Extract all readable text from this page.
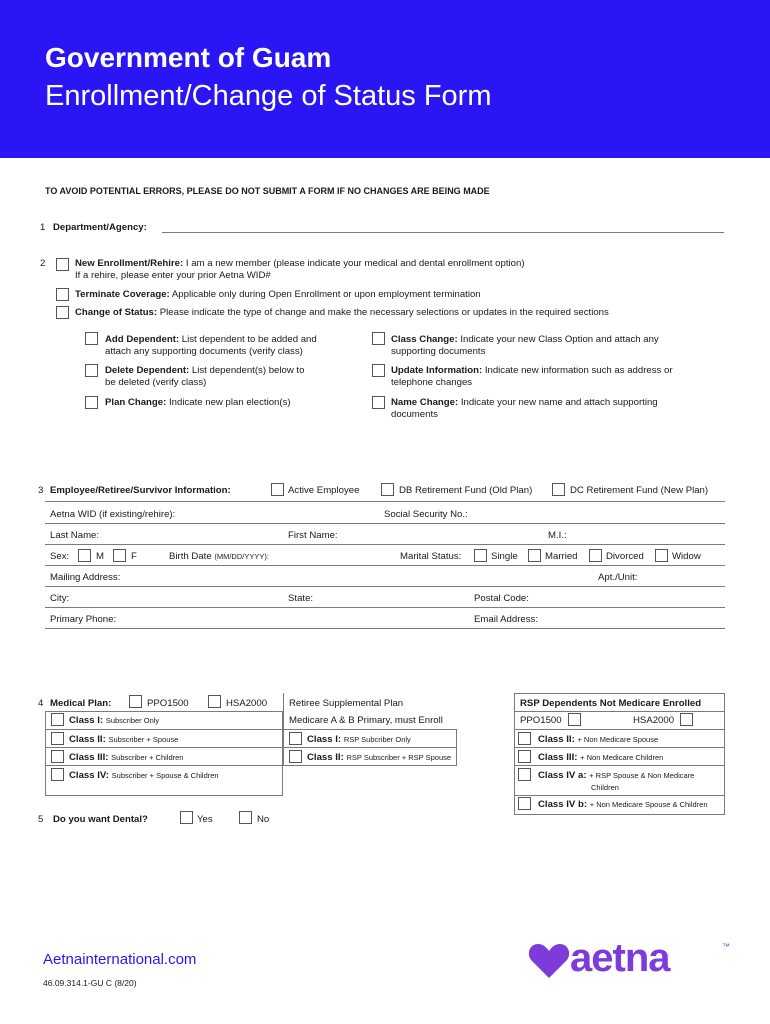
Government of Guam
Enrollment/Change of Status Form
TO AVOID POTENTIAL ERRORS, PLEASE DO NOT SUBMIT A FORM IF NO CHANGES ARE BEING MADE
1 Department/Agency:
2	New Enrollment/Rehire: I am a new member (please indicate your medical and dental enrollment option)
If a rehire, please enter your prior Aetna WID#
Terminate Coverage: Applicable only during Open Enrollment or upon employment termination
Change of Status: Please indicate the type of change and make the necessary selections or updates in the required sections
Add Dependent: List dependent to be added and
attach any supporting documents (verify class)
Class Change: Indicate your new Class Option and attach any
supporting documents
Delete Dependent: List dependent(s) below to
be deleted (verify class)
Update Information: Indicate new information such as address or
telephone changes
Plan Change: Indicate new plan election(s)	Name Change: Indicate your new name and attach supporting
documents
3 Employee/Retiree/Survivor Information:	Active Employee	DB Retirement Fund (Old Plan)	DC Retirement Fund (New Plan)
Aetna WID (if existing/rehire):	Social Security No.:
Last Name:	First Name:	M.I.:
Sex:	M	F	Birth Date (MM/DD/YYYY):	Marital Status:	Single	Married	Divorced	Widow
Mailing Address:	Apt./Unit:
City:	State:	Postal Code:
Primary Phone:	Email Address:
4 Medical Plan:	PPO1500	HSA2000
Class I: Subscriber Only
Class II: Subscriber + Spouse
Class III: Subscriber + Children
Class IV: Subscriber + Spouse & Children
Retiree Supplemental Plan
Medicare A & B Primary, must Enroll
Class I: RSP Subcriber Only
Class II: RSP Subscriber + RSP Spouse
RSP Dependents Not Medicare Enrolled
PPO1500	HSA2000
Class II: + Non Medicare Spouse
Class III: + Non Medicare Children
Class IV a: + RSP Spouse & Non Medicare
Children
Class IV b: + Non Medicare Spouse & Children
5 Do you want Dental?	Yes	No
Aetnainternational.com
46.09.314.1-GU C (8/20)
aetna	™
